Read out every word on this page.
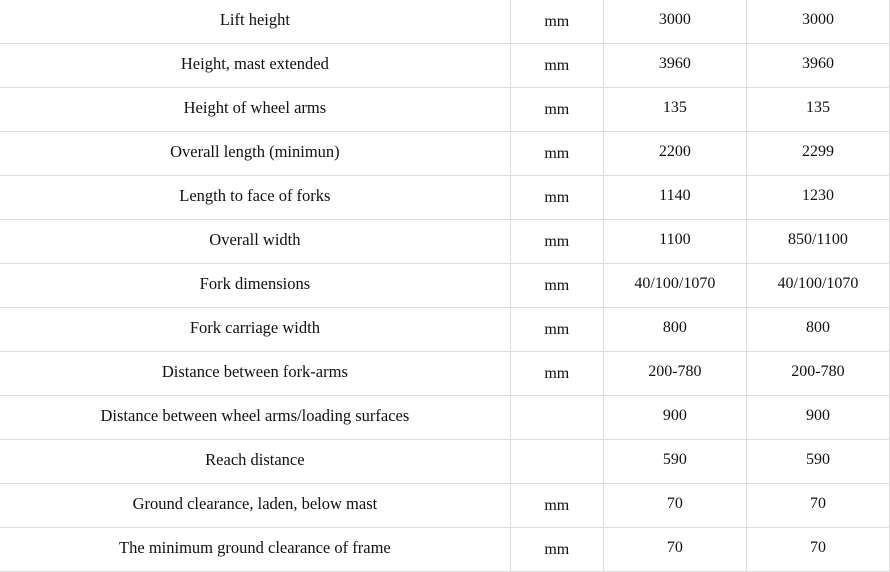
Lift height	mm	3000	3000
Height, mast extended	mm	3960	3960
Height of wheel arms	mm	135	135
Overall length (minimun)	mm	2200	2299
Length to face of forks	mm	1140	1230
Overall width	mm	1100	850/1100
Fork dimensions	mm	40/100/1070	40/100/1070
Fork carriage width	mm	800	800
Distance between fork-arms	mm	200-780	200-780
Distance between wheel arms/loading surfaces		900	900
Reach distance		590	590
Ground clearance, laden, below mast	mm	70	70
The minimum ground clearance of frame	mm	70	70
